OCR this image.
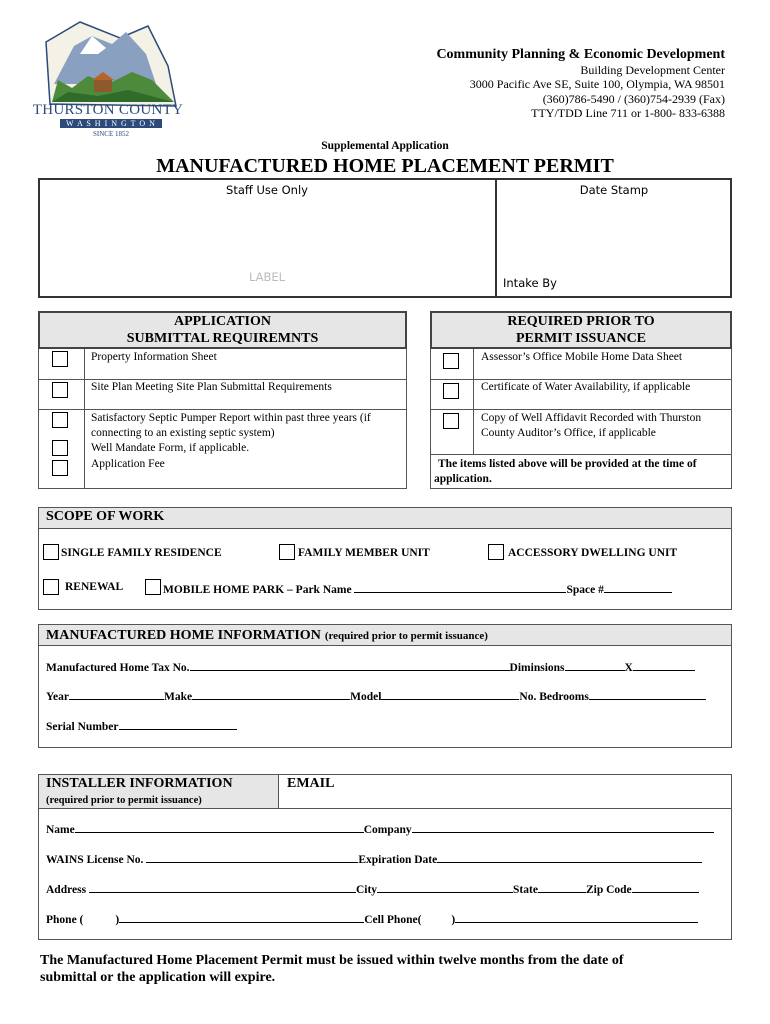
THURSTON COUNTY
W A S H I N G T O N
SINCE 1852
Community Planning & Economic Development
Building Development Center
3000 Pacific Ave SE, Suite 100, Olympia, WA 98501
(360)786-5490 / (360)754-2939 (Fax)
TTY/TDD Line 711 or 1-800- 833-6388
Supplemental Application
MANUFACTURED HOME PLACEMENT PERMIT
Staff Use Only	Date Stamp
LABEL	Intake By
APPLICATION
SUBMITTAL REQUIREMNTS
Property Information Sheet
Site Plan Meeting Site Plan Submittal Requirements
Satisfactory Septic Pumper Report within past three years (if
connecting to an existing septic system)
Well Mandate Form, if applicable.
Application Fee
REQUIRED PRIOR TO
PERMIT ISSUANCE
Assessor’s Office Mobile Home Data Sheet
Certificate of Water Availability, if applicable
Copy of Well Affidavit Recorded with Thurston
County Auditor’s Office, if applicable
The items listed above will be provided at the time of
application.
SCOPE OF WORK
SINGLE FAMILY RESIDENCE	FAMILY MEMBER UNIT	ACCESSORY DWELLING UNIT
RENEWAL	MOBILE HOME PARK – Park Name	Space #
MANUFACTURED HOME INFORMATION (required prior to permit issuance)
Manufactured Home Tax No.	Diminsions	X
Year	Make	Model	No. Bedrooms
Serial Number
INSTALLER INFORMATION
(required prior to permit issuance)
EMAIL
Name	Company
WAINS License No.	Expiration Date
Address	City	State	Zip Code
Phone (	)	Cell Phone(	)
The Manufactured Home Placement Permit must be issued within twelve months from the date of
submittal or the application will expire.
